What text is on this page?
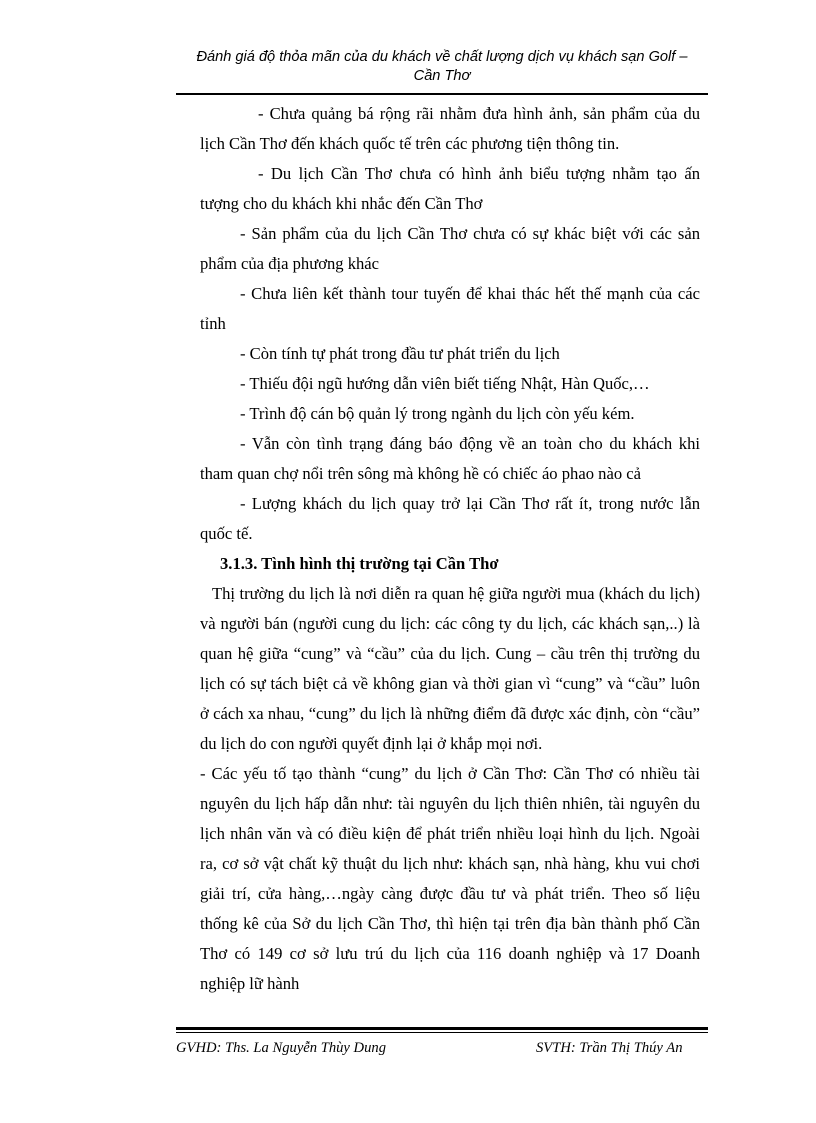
Đánh giá độ thỏa mãn của du khách về chất lượng dịch vụ khách sạn Golf –
Cần Thơ

- Chưa quảng bá rộng rãi nhằm đưa hình ảnh, sản phẩm của du lịch Cần Thơ đến khách quốc tế trên các phương tiện thông tin.

- Du lịch Cần Thơ chưa có hình ảnh biểu tượng nhằm tạo ấn tượng cho du khách khi nhắc đến Cần Thơ

- Sản phẩm của du lịch Cần Thơ chưa có sự khác biệt với các sản phẩm của địa phương khác

- Chưa liên kết thành tour tuyến để khai thác hết thế mạnh của các tỉnh

- Còn tính tự phát trong đầu tư phát triển du lịch

- Thiếu đội ngũ hướng dẫn viên biết tiếng Nhật, Hàn Quốc,…

- Trình độ cán bộ quản lý trong ngành du lịch còn yếu kém.

- Vẫn còn tình trạng đáng báo động về an toàn cho du khách khi tham quan chợ nổi trên sông mà không hề có chiếc áo phao nào cả

- Lượng khách du lịch quay trở lại Cần Thơ rất ít, trong nước lẫn quốc tế.

3.1.3. Tình hình thị trường tại Cần Thơ

Thị trường du lịch là nơi diễn ra quan hệ giữa người mua (khách du lịch) và người bán (người cung du lịch: các công ty du lịch, các khách sạn,..) là quan hệ giữa “cung” và “cầu” của du lịch. Cung – cầu trên thị trường du lịch có sự tách biệt cả về không gian và thời gian vì “cung” và “cầu” luôn ở cách xa nhau, “cung” du lịch là những điểm đã được xác định, còn “cầu” du lịch do con người quyết định lại ở khắp mọi nơi.

- Các yếu tố tạo thành “cung” du lịch ở Cần Thơ: Cần Thơ có nhiều tài nguyên du lịch hấp dẫn như: tài nguyên du lịch thiên nhiên, tài nguyên du lịch nhân văn và có điều kiện để phát triển nhiều loại hình du lịch. Ngoài ra, cơ sở vật chất kỹ thuật du lịch như: khách sạn, nhà hàng, khu vui chơi giải trí, cửa hàng,…ngày càng được đầu tư và phát triển. Theo số liệu thống kê của Sở du lịch Cần Thơ, thì hiện tại trên địa bàn thành phố Cần Thơ có 149 cơ sở lưu trú du lịch của 116 doanh nghiệp và 17 Doanh nghiệp lữ hành

GVHD: Ths. La Nguyễn Thùy Dung	SVTH: Trần Thị Thúy An
